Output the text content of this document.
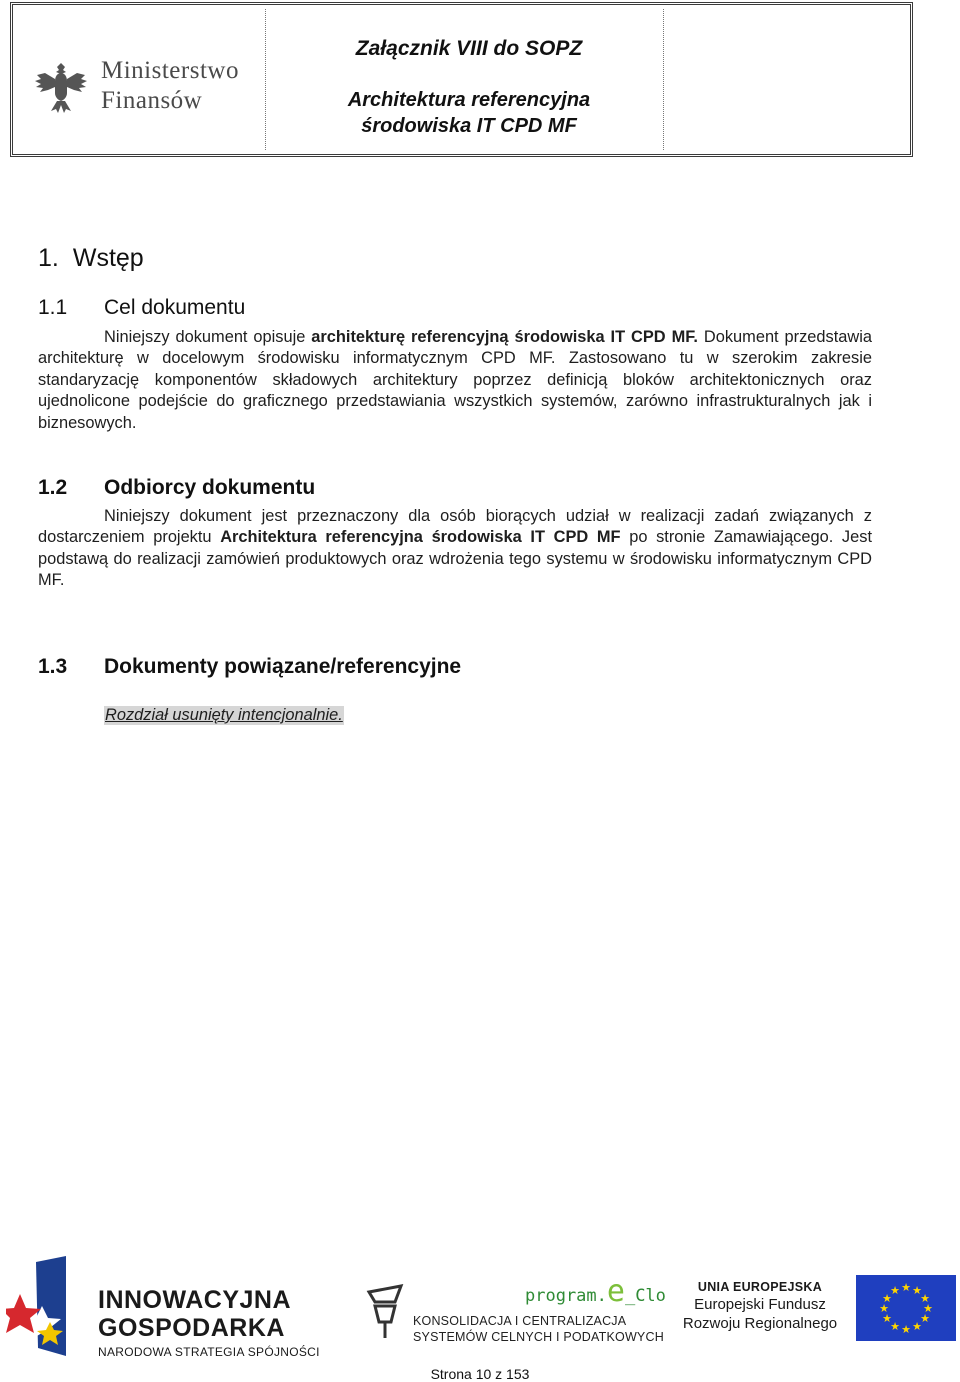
Ministerstwo
Finansów
Załącznik VIII do SOPZ
Architektura referencyjna
środowiska IT CPD MF
1. Wstęp
1.1 Cel dokumentu
Niniejszy dokument opisuje architekturę referencyjną środowiska IT CPD MF. Dokument przedstawia architekturę w docelowym środowisku informatycznym CPD MF. Zastosowano tu w szerokim zakresie standaryzację komponentów składowych architektury poprzez definicją bloków architektonicznych oraz ujednolicone podejście do graficznego przedstawiania wszystkich systemów, zarówno infrastrukturalnych jak i biznesowych.
1.2 Odbiorcy dokumentu
Niniejszy dokument jest przeznaczony dla osób biorących udział w realizacji zadań związanych z dostarczeniem projektu Architektura referencyjna środowiska IT CPD MF po stronie Zamawiającego. Jest podstawą do realizacji zamówień produktowych oraz wdrożenia tego systemu w środowisku informatycznym CPD MF.
1.3 Dokumenty powiązane/referencyjne
Rozdział usunięty intencjonalnie.
INNOWACYJNA
GOSPODARKA
NARODOWA STRATEGIA SPÓJNOŚCI
program.e_Clo
KONSOLIDACJA I CENTRALIZACJA
SYSTEMÓW CELNYCH I PODATKOWYCH
UNIA EUROPEJSKA
Europejski Fundusz
Rozwoju Regionalnego
★ ★
★
★
★
★
★
★
★
★
★
★
Strona 10 z 153
